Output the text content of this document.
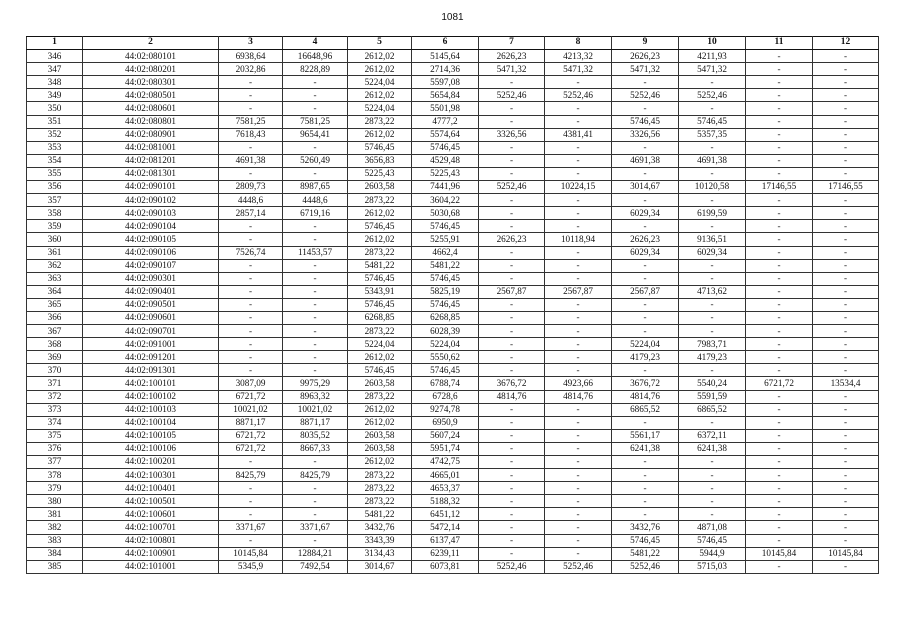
1081
1	2	3	4	5	6	7	8	9	10	11	12
346	44:02:080101	6938,64	16648,96	2612,02	5145,64	2626,23	4213,32	2626,23	4211,93	-	-
347	44:02:080201	2032,86	8228,89	2612,02	2714,36	5471,32	5471,32	5471,32	5471,32	-	-
348	44:02:080301	-	-	5224,04	5597,08	-	-	-	-	-	-
349	44:02:080501	-	-	2612,02	5654,84	5252,46	5252,46	5252,46	5252,46	-	-
350	44:02:080601	-	-	5224,04	5501,98	-	-	-	-	-	-
351	44:02:080801	7581,25	7581,25	2873,22	4777,2	-	-	5746,45	5746,45	-	-
352	44:02:080901	7618,43	9654,41	2612,02	5574,64	3326,56	4381,41	3326,56	5357,35	-	-
353	44:02:081001	-	-	5746,45	5746,45	-	-	-	-	-	-
354	44:02:081201	4691,38	5260,49	3656,83	4529,48	-	-	4691,38	4691,38	-	-
355	44:02:081301	-	-	5225,43	5225,43	-	-	-	-	-	-
356	44:02:090101	2809,73	8987,65	2603,58	7441,96	5252,46	10224,15	3014,67	10120,58	17146,55	17146,55
357	44:02:090102	4448,6	4448,6	2873,22	3604,22	-	-	-	-	-	-
358	44:02:090103	2857,14	6719,16	2612,02	5030,68	-	-	6029,34	6199,59	-	-
359	44:02:090104	-	-	5746,45	5746,45	-	-	-	-	-	-
360	44:02:090105	-	-	2612,02	5255,91	2626,23	10118,94	2626,23	9136,51	-	-
361	44:02:090106	7526,74	11453,57	2873,22	4662,4	-	-	6029,34	6029,34	-	-
362	44:02:090107	-	-	5481,22	5481,22	-	-	-	-	-	-
363	44:02:090301	-	-	5746,45	5746,45	-	-	-	-	-	-
364	44:02:090401	-	-	5343,91	5825,19	2567,87	2567,87	2567,87	4713,62	-	-
365	44:02:090501	-	-	5746,45	5746,45	-	-	-	-	-	-
366	44:02:090601	-	-	6268,85	6268,85	-	-	-	-	-	-
367	44:02:090701	-	-	2873,22	6028,39	-	-	-	-	-	-
368	44:02:091001	-	-	5224,04	5224,04	-	-	5224,04	7983,71	-	-
369	44:02:091201	-	-	2612,02	5550,62	-	-	4179,23	4179,23	-	-
370	44:02:091301	-	-	5746,45	5746,45	-	-	-	-	-	-
371	44:02:100101	3087,09	9975,29	2603,58	6788,74	3676,72	4923,66	3676,72	5540,24	6721,72	13534,4
372	44:02:100102	6721,72	8963,32	2873,22	6728,6	4814,76	4814,76	4814,76	5591,59	-	-
373	44:02:100103	10021,02	10021,02	2612,02	9274,78	-	-	6865,52	6865,52	-	-
374	44:02:100104	8871,17	8871,17	2612,02	6950,9	-	-	-	-	-	-
375	44:02:100105	6721,72	8035,52	2603,58	5607,24	-	-	5561,17	6372,11	-	-
376	44:02:100106	6721,72	8667,33	2603,58	5951,74	-	-	6241,38	6241,38	-	-
377	44:02:100201	-	-	2612,02	4742,75	-	-	-	-	-	-
378	44:02:100301	8425,79	8425,79	2873,22	4665,01	-	-	-	-	-	-
379	44:02:100401	-	-	2873,22	4653,37	-	-	-	-	-	-
380	44:02:100501	-	-	2873,22	5188,32	-	-	-	-	-	-
381	44:02:100601	-	-	5481,22	6451,12	-	-	-	-	-	-
382	44:02:100701	3371,67	3371,67	3432,76	5472,14	-	-	3432,76	4871,08	-	-
383	44:02:100801	-	-	3343,39	6137,47	-	-	5746,45	5746,45	-	-
384	44:02:100901	10145,84	12884,21	3134,43	6239,11	-	-	5481,22	5944,9	10145,84	10145,84
385	44:02:101001	5345,9	7492,54	3014,67	6073,81	5252,46	5252,46	5252,46	5715,03	-	-
